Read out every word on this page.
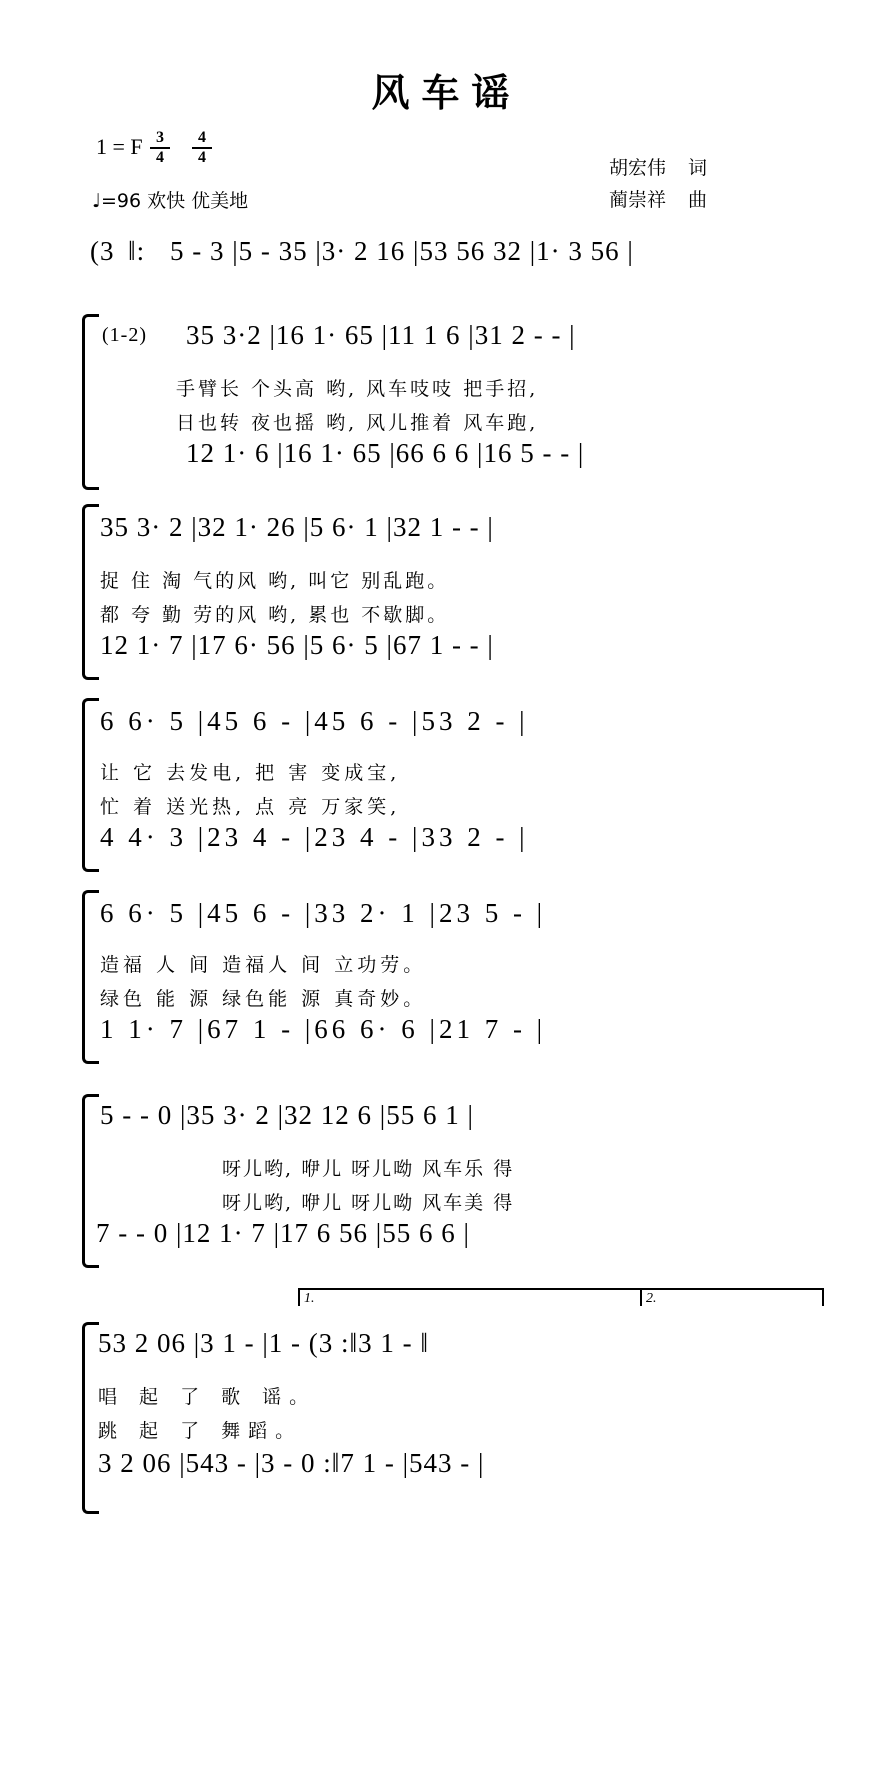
风车谣
1 = F 3
4
4
4
♩=96 欢快 优美地
胡宏伟 词
蔺崇祥 曲
(3 ‖: 5 - 3 |5 - 35 |3· 2 16 |53 56 32 |1· 3 56 |
(1-2) 35 3·2 |16 1· 65 |11 1 6 |31 2 - - |
手臂长 个头高 哟, 风车吱吱 把手招,
日也转 夜也摇 哟, 风儿推着 风车跑,
12 1· 6 |16 1· 65 |66 6 6 |16 5 - - |
35 3· 2 |32 1· 26 |5 6· 1 |32 1 - - |
捉 住 淘 气的风 哟, 叫它 别乱跑。
都 夸 勤 劳的风 哟, 累也 不歇脚。
12 1· 7 |17 6· 56 |5 6· 5 |67 1 - - |
6 6· 5 |45 6 - |45 6 - |53 2 - |
让 它 去发电, 把 害 变成宝,
忙 着 送光热, 点 亮 万家笑,
4 4· 3 |23 4 - |23 4 - |33 2 - |
6 6· 5 |45 6 - |33 2· 1 |23 5 - |
造福 人 间 造福人 间 立功劳。
绿色 能 源 绿色能 源 真奇妙。
1 1· 7 |67 1 - |66 6· 6 |21 7 - |
5 - - 0 |35 3· 2 |32 12 6 |55 6 1 |
呀儿哟, 咿儿 呀儿呦 风车乐 得
呀儿哟, 咿儿 呀儿呦 风车美 得
7 - - 0 |12 1· 7 |17 6 56 |55 6 6 |
1.	2.
53 2 06 |3 1 - |1 - (3 :‖3 1 - ‖
唱 起 了 歌 谣。
跳 起 了 舞蹈。
3 2 06 |543 - |3 - 0 :‖7 1 - |543 - |
